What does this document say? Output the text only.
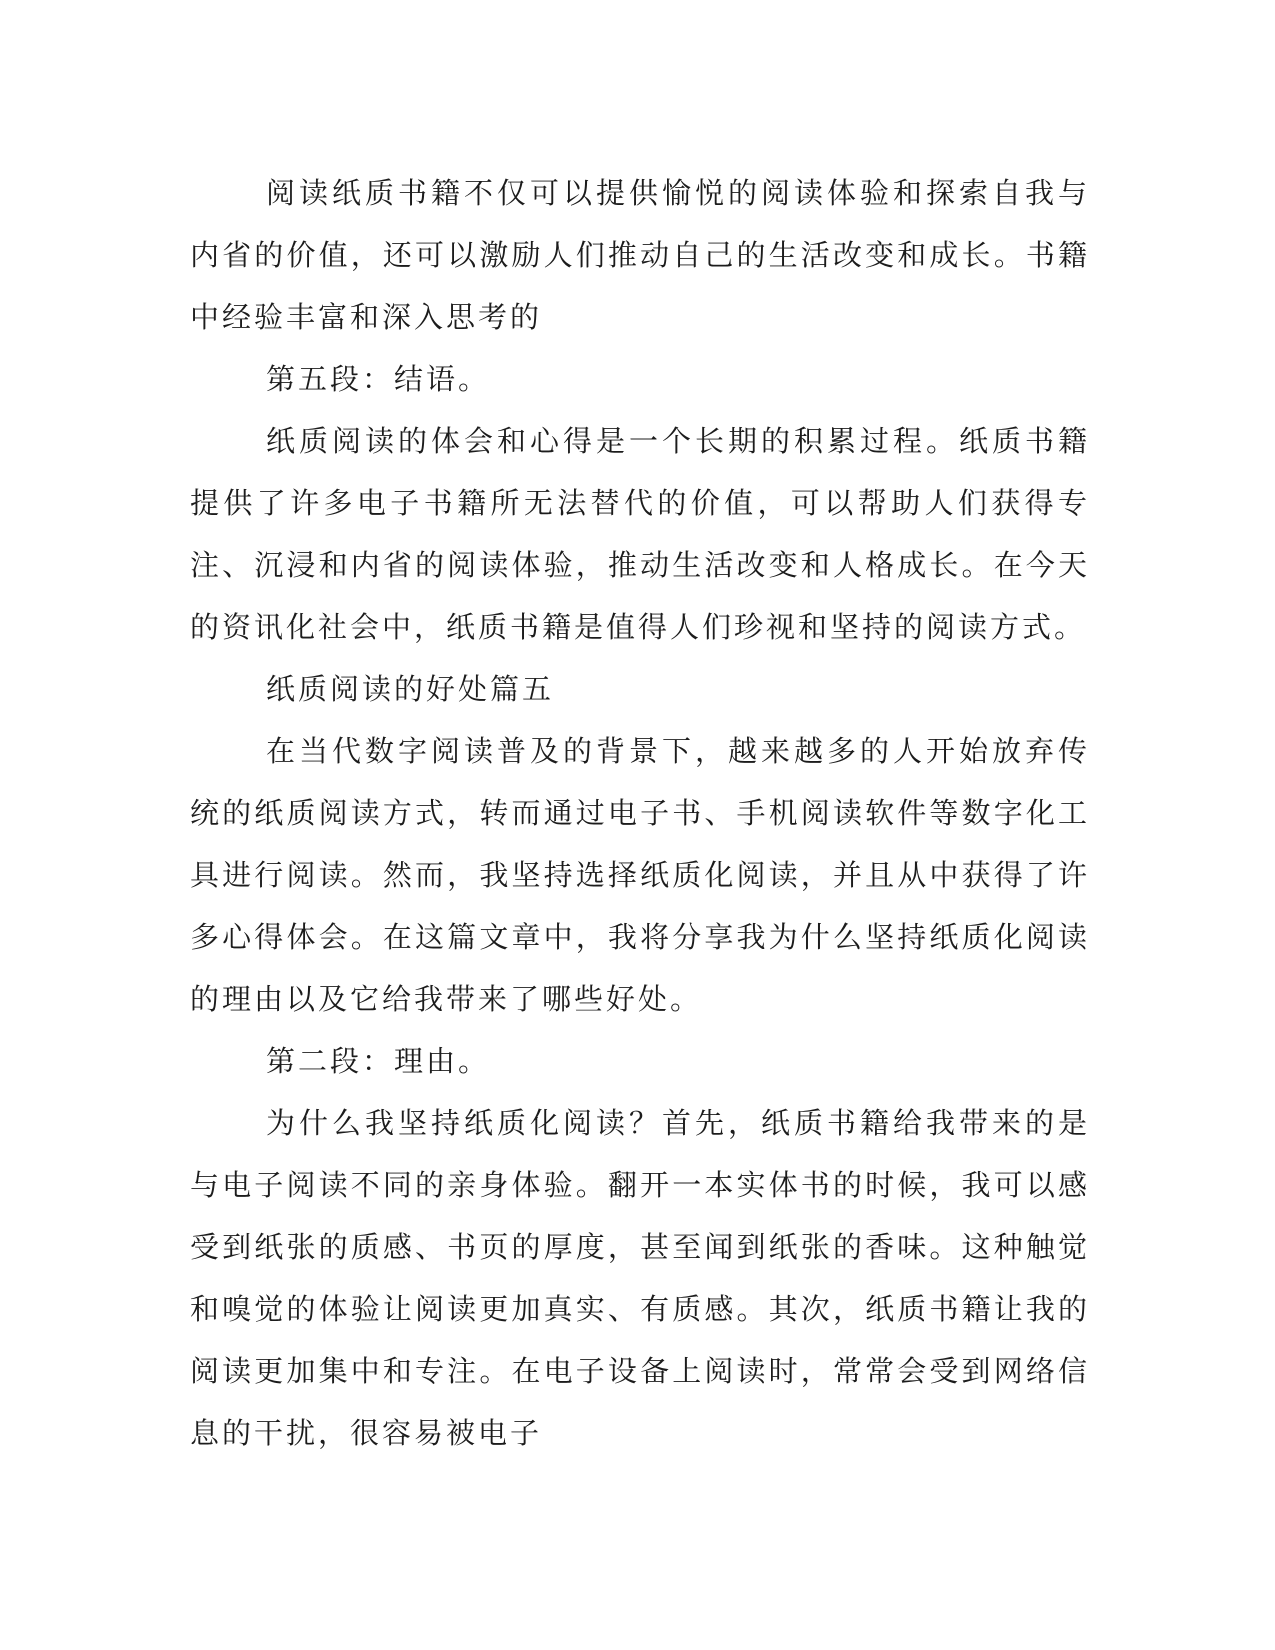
阅读纸质书籍不仅可以提供愉悦的阅读体验和探索自我与内省的价值，还可以激励人们推动自己的生活改变和成长。书籍中经验丰富和深入思考的

第五段：结语。

纸质阅读的体会和心得是一个长期的积累过程。纸质书籍提供了许多电子书籍所无法替代的价值，可以帮助人们获得专注、沉浸和内省的阅读体验，推动生活改变和人格成长。在今天的资讯化社会中，纸质书籍是值得人们珍视和坚持的阅读方式。

纸质阅读的好处篇五

在当代数字阅读普及的背景下，越来越多的人开始放弃传统的纸质阅读方式，转而通过电子书、手机阅读软件等数字化工具进行阅读。然而，我坚持选择纸质化阅读，并且从中获得了许多心得体会。在这篇文章中，我将分享我为什么坚持纸质化阅读的理由以及它给我带来了哪些好处。

第二段：理由。

为什么我坚持纸质化阅读？首先，纸质书籍给我带来的是与电子阅读不同的亲身体验。翻开一本实体书的时候，我可以感受到纸张的质感、书页的厚度，甚至闻到纸张的香味。这种触觉和嗅觉的体验让阅读更加真实、有质感。其次，纸质书籍让我的阅读更加集中和专注。在电子设备上阅读时，常常会受到网络信息的干扰，很容易被电子
